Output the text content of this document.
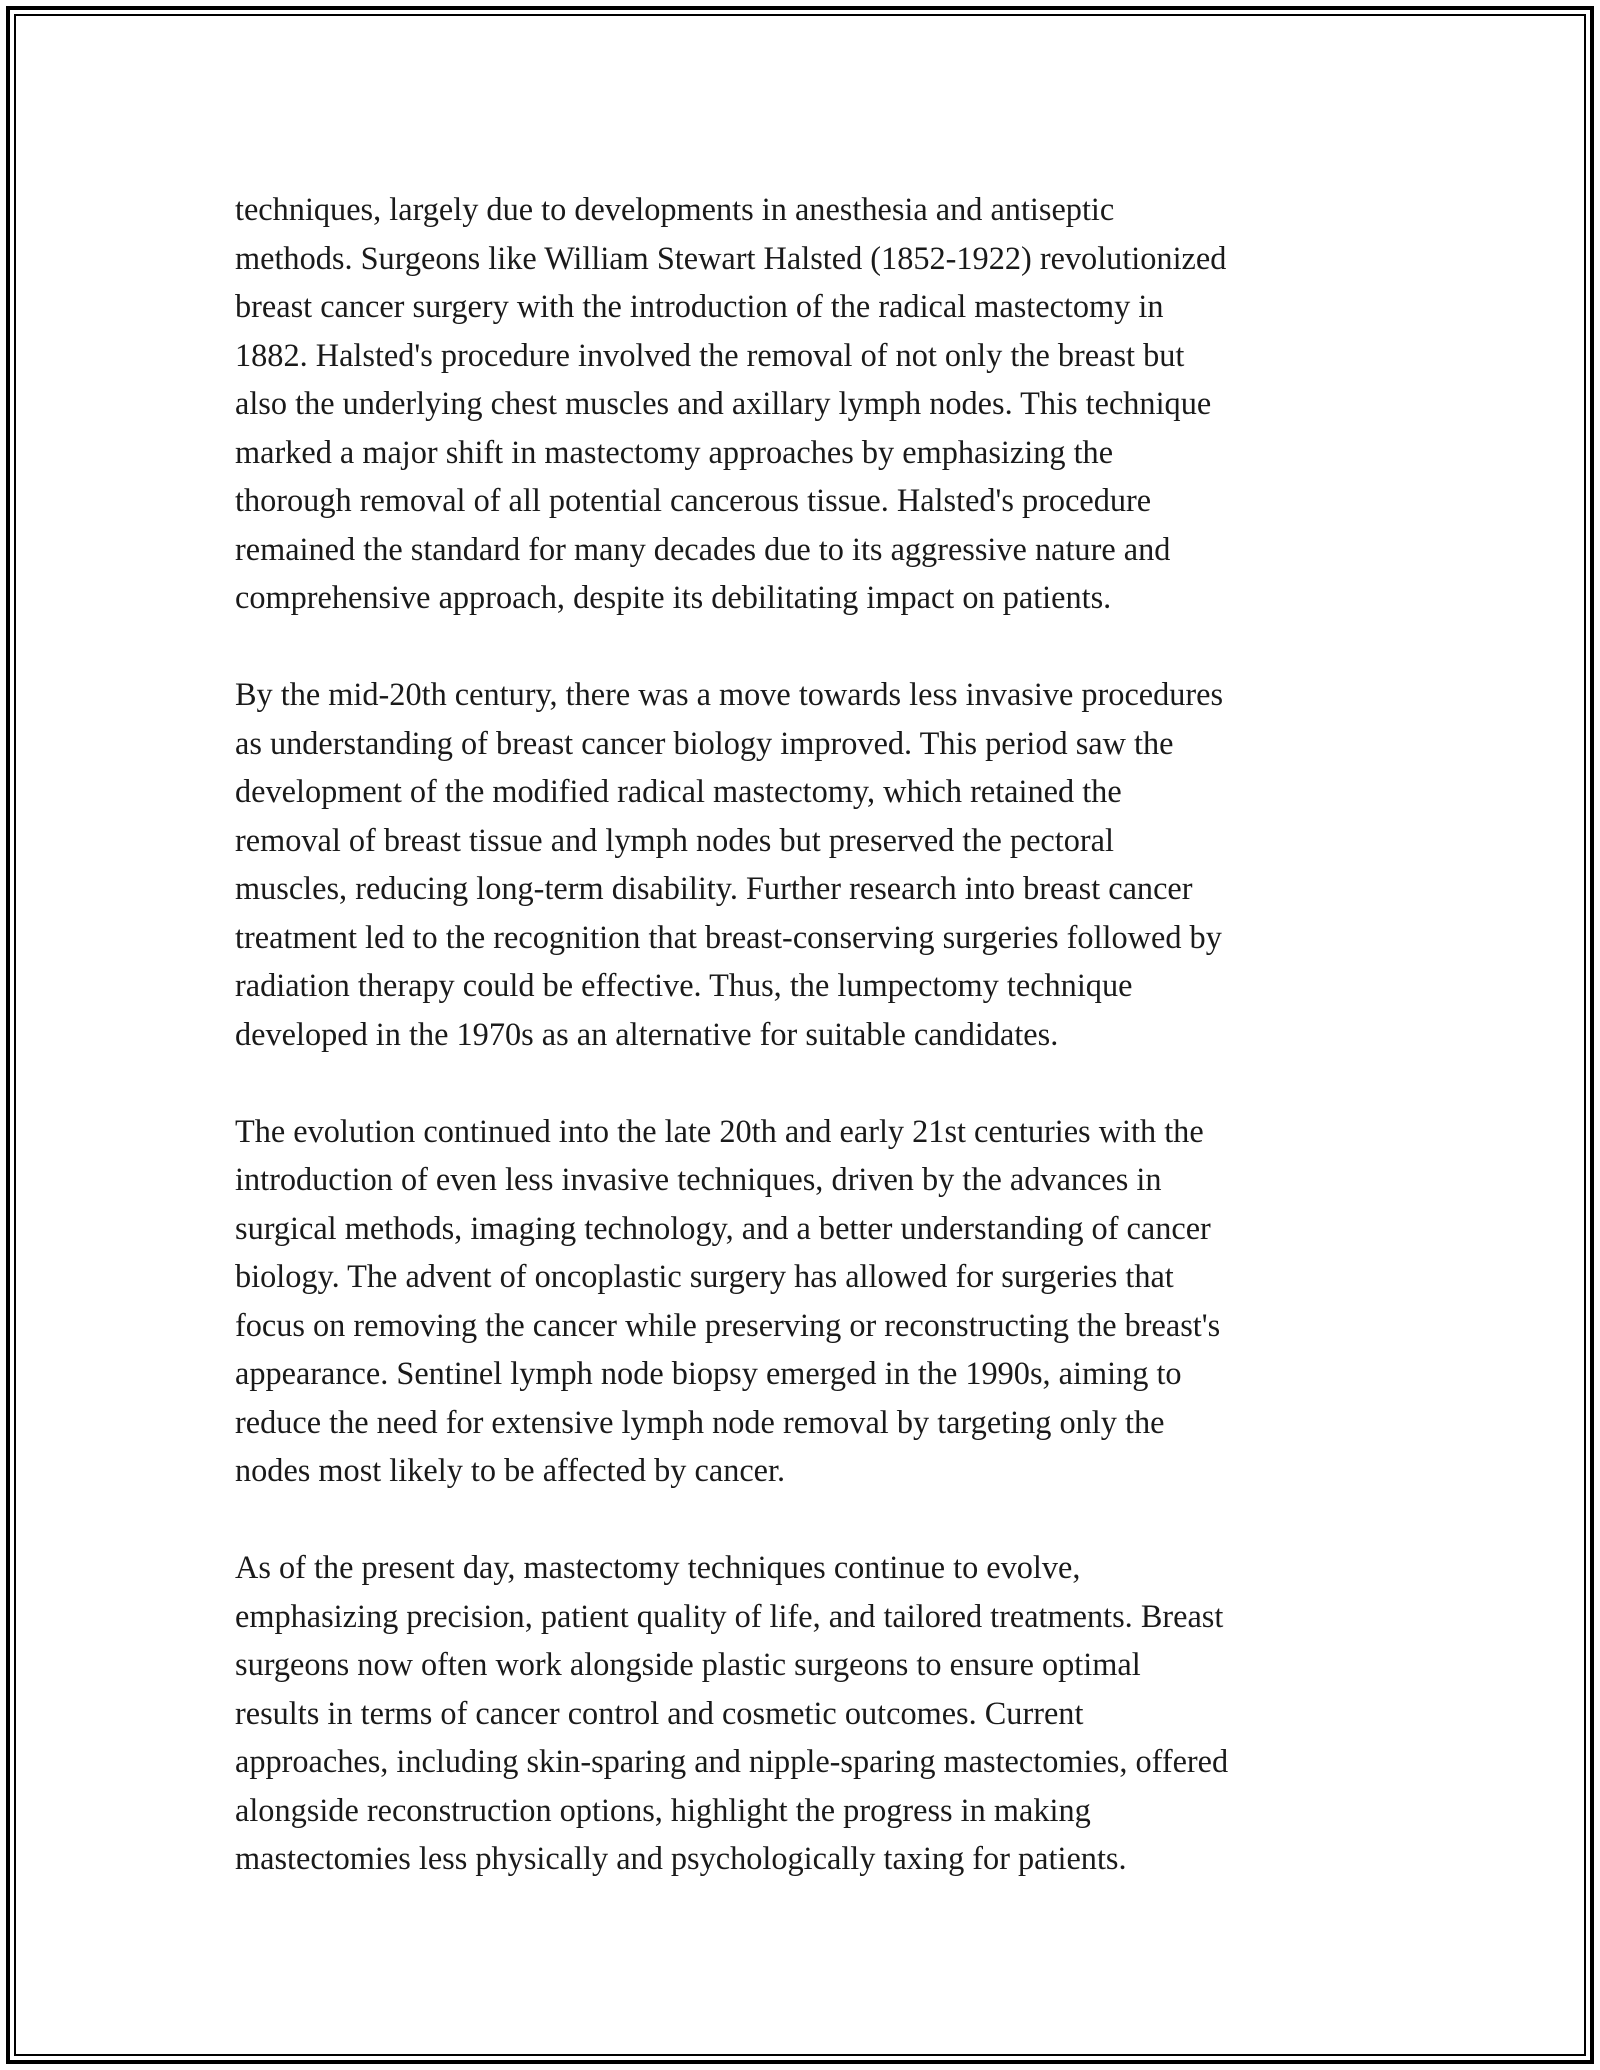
techniques, largely due to developments in anesthesia and antiseptic
methods. Surgeons like William Stewart Halsted (1852-1922) revolutionized
breast cancer surgery with the introduction of the radical mastectomy in
1882. Halsted's procedure involved the removal of not only the breast but
also the underlying chest muscles and axillary lymph nodes. This technique
marked a major shift in mastectomy approaches by emphasizing the
thorough removal of all potential cancerous tissue. Halsted's procedure
remained the standard for many decades due to its aggressive nature and
comprehensive approach, despite its debilitating impact on patients.

By the mid-20th century, there was a move towards less invasive procedures
as understanding of breast cancer biology improved. This period saw the
development of the modified radical mastectomy, which retained the
removal of breast tissue and lymph nodes but preserved the pectoral
muscles, reducing long-term disability. Further research into breast cancer
treatment led to the recognition that breast-conserving surgeries followed by
radiation therapy could be effective. Thus, the lumpectomy technique
developed in the 1970s as an alternative for suitable candidates.

The evolution continued into the late 20th and early 21st centuries with the
introduction of even less invasive techniques, driven by the advances in
surgical methods, imaging technology, and a better understanding of cancer
biology. The advent of oncoplastic surgery has allowed for surgeries that
focus on removing the cancer while preserving or reconstructing the breast's
appearance. Sentinel lymph node biopsy emerged in the 1990s, aiming to
reduce the need for extensive lymph node removal by targeting only the
nodes most likely to be affected by cancer.

As of the present day, mastectomy techniques continue to evolve,
emphasizing precision, patient quality of life, and tailored treatments. Breast
surgeons now often work alongside plastic surgeons to ensure optimal
results in terms of cancer control and cosmetic outcomes. Current
approaches, including skin-sparing and nipple-sparing mastectomies, offered
alongside reconstruction options, highlight the progress in making
mastectomies less physically and psychologically taxing for patients.
